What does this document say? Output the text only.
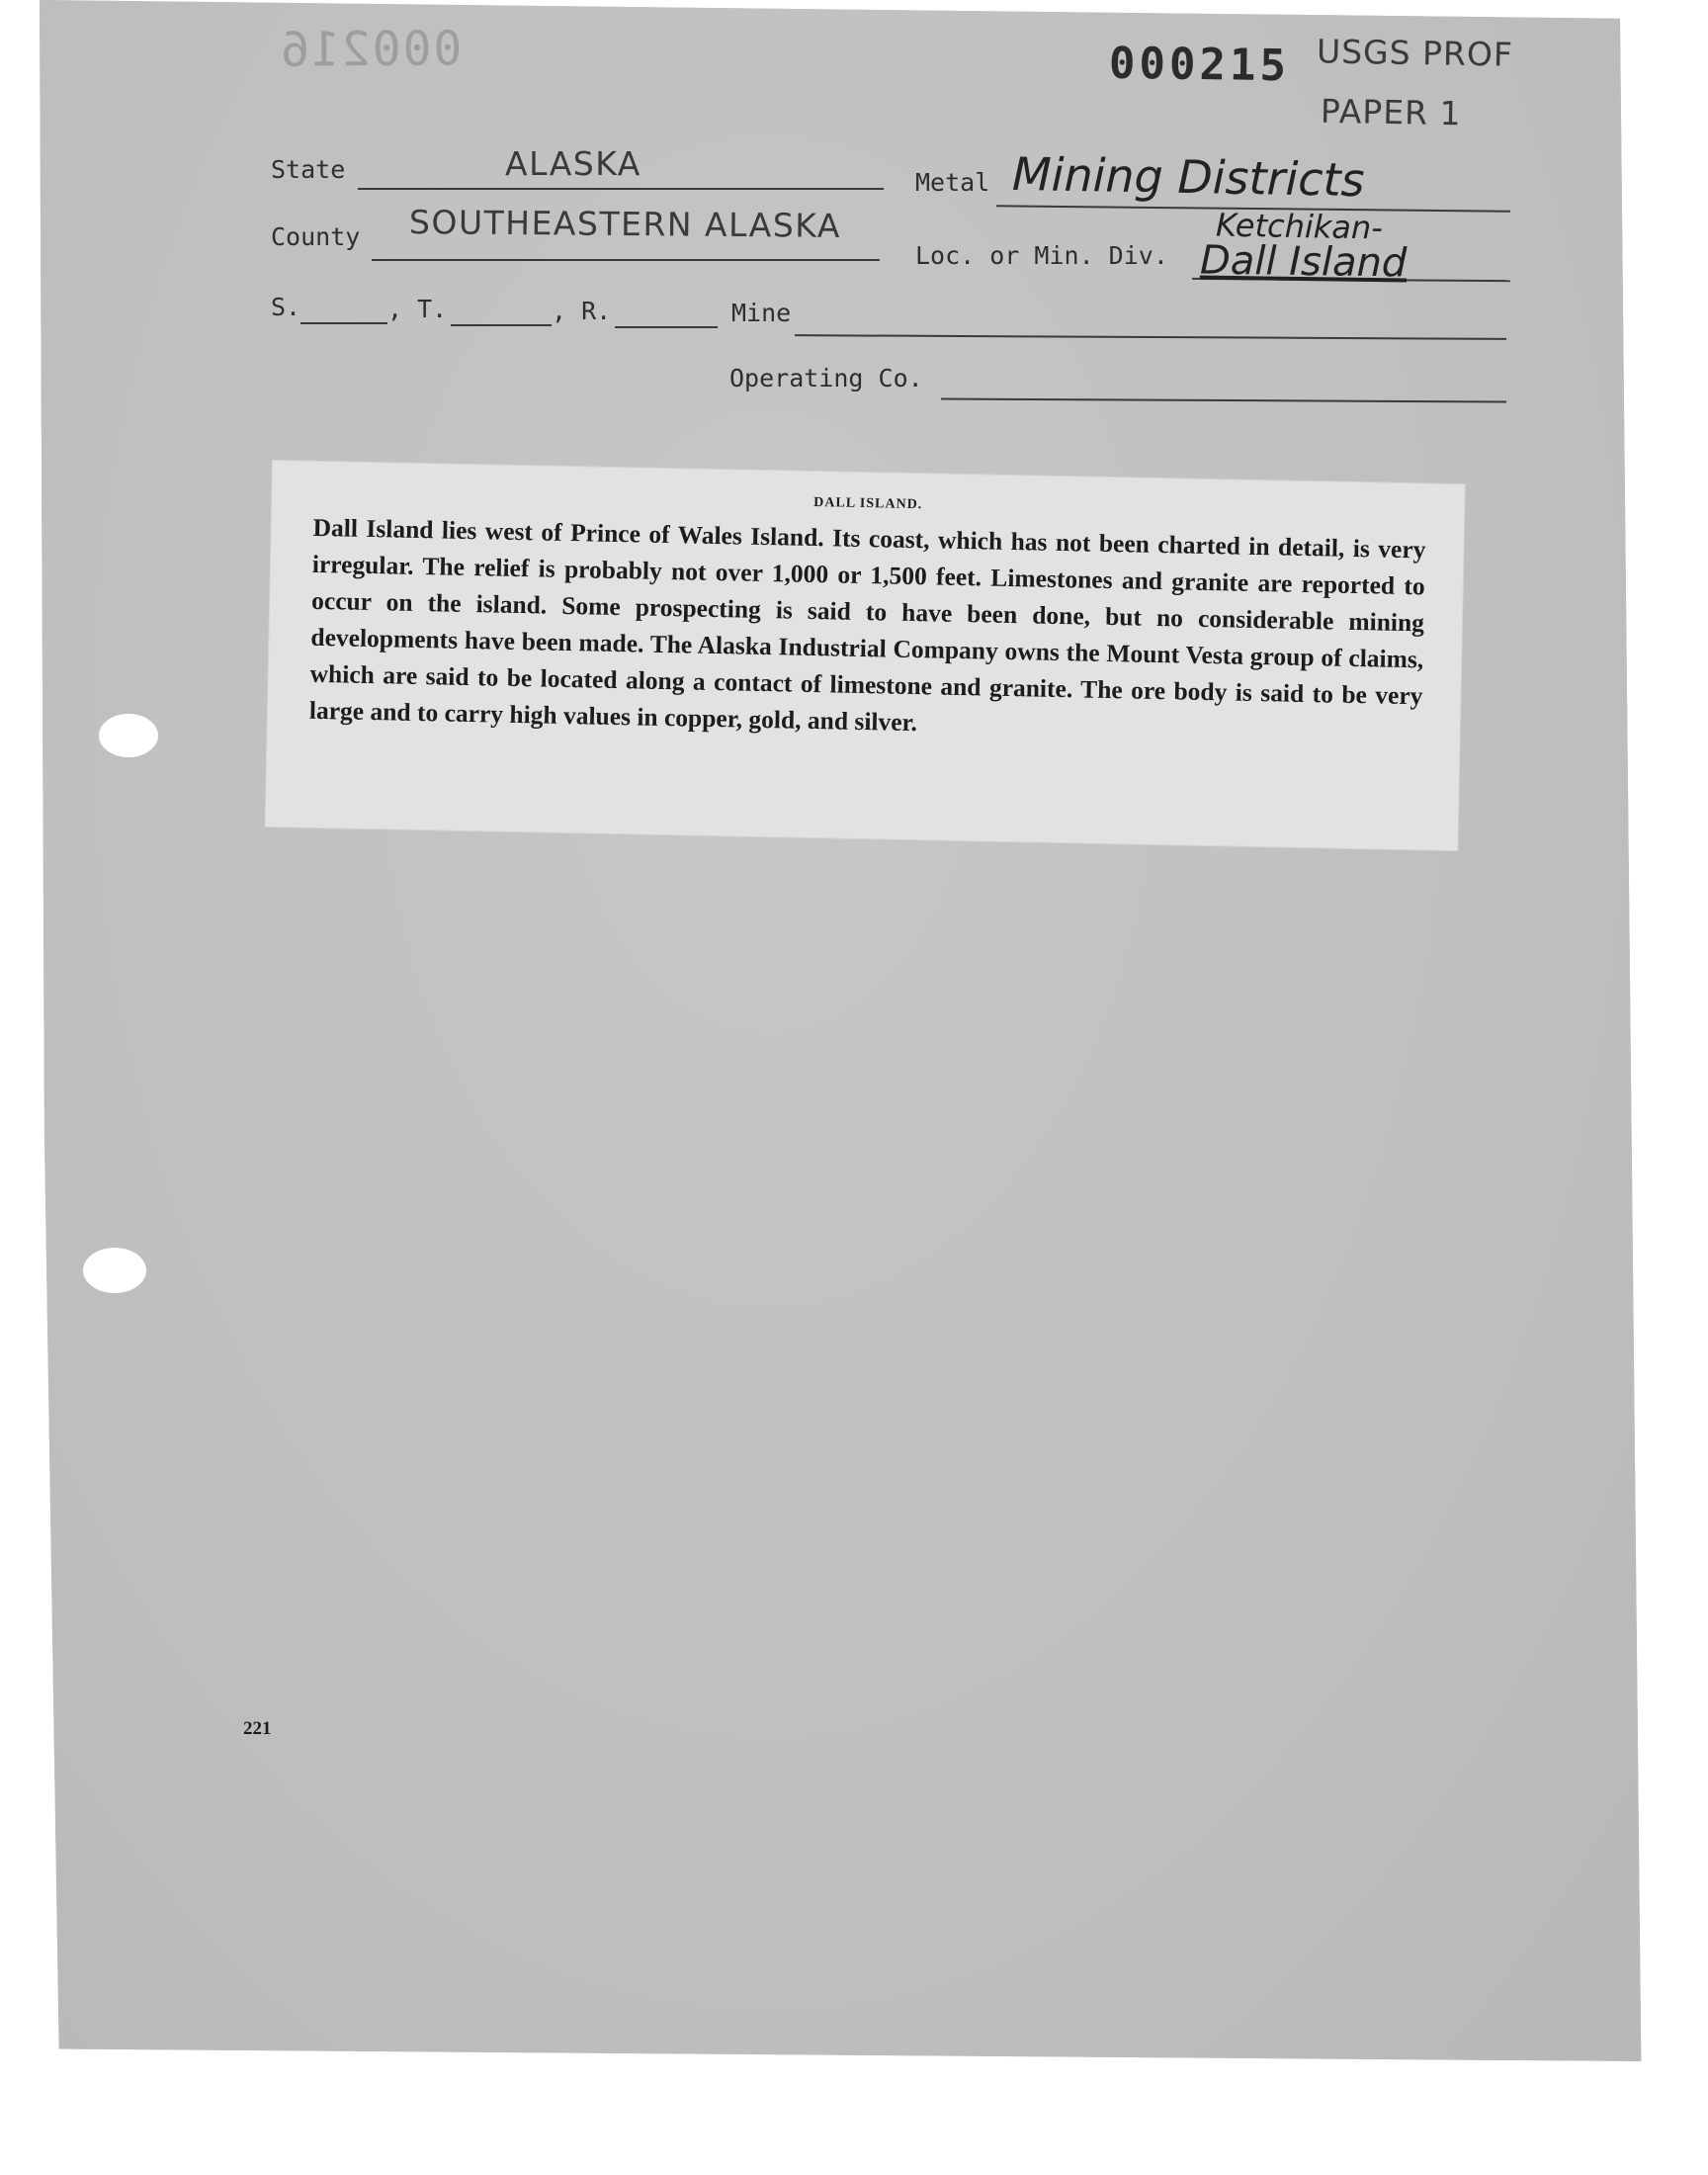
000216	000215 USGS PROF
PAPER 1
State	ALASKA	Metal Mining Districts
County SOUTHEASTERN ALASKA
Loc. or Min. Div.
Ketchikan-
Dall Island
S.	, T.	, R.	Mine
Operating Co.
DALL ISLAND.
Dall Island lies west of Prince of Wales Island. Its coast, which has not been charted in detail, is very irregular. The relief is probably not over 1,000 or 1,500 feet. Limestones and granite are reported to occur on the island. Some prospecting is said to have been done, but no considerable mining developments have been made. The Alaska Industrial Company owns the Mount Vesta group of claims, which are said to be located along a contact of limestone and granite. The ore body is said to be very large and to carry high values in copper, gold, and silver.
221
